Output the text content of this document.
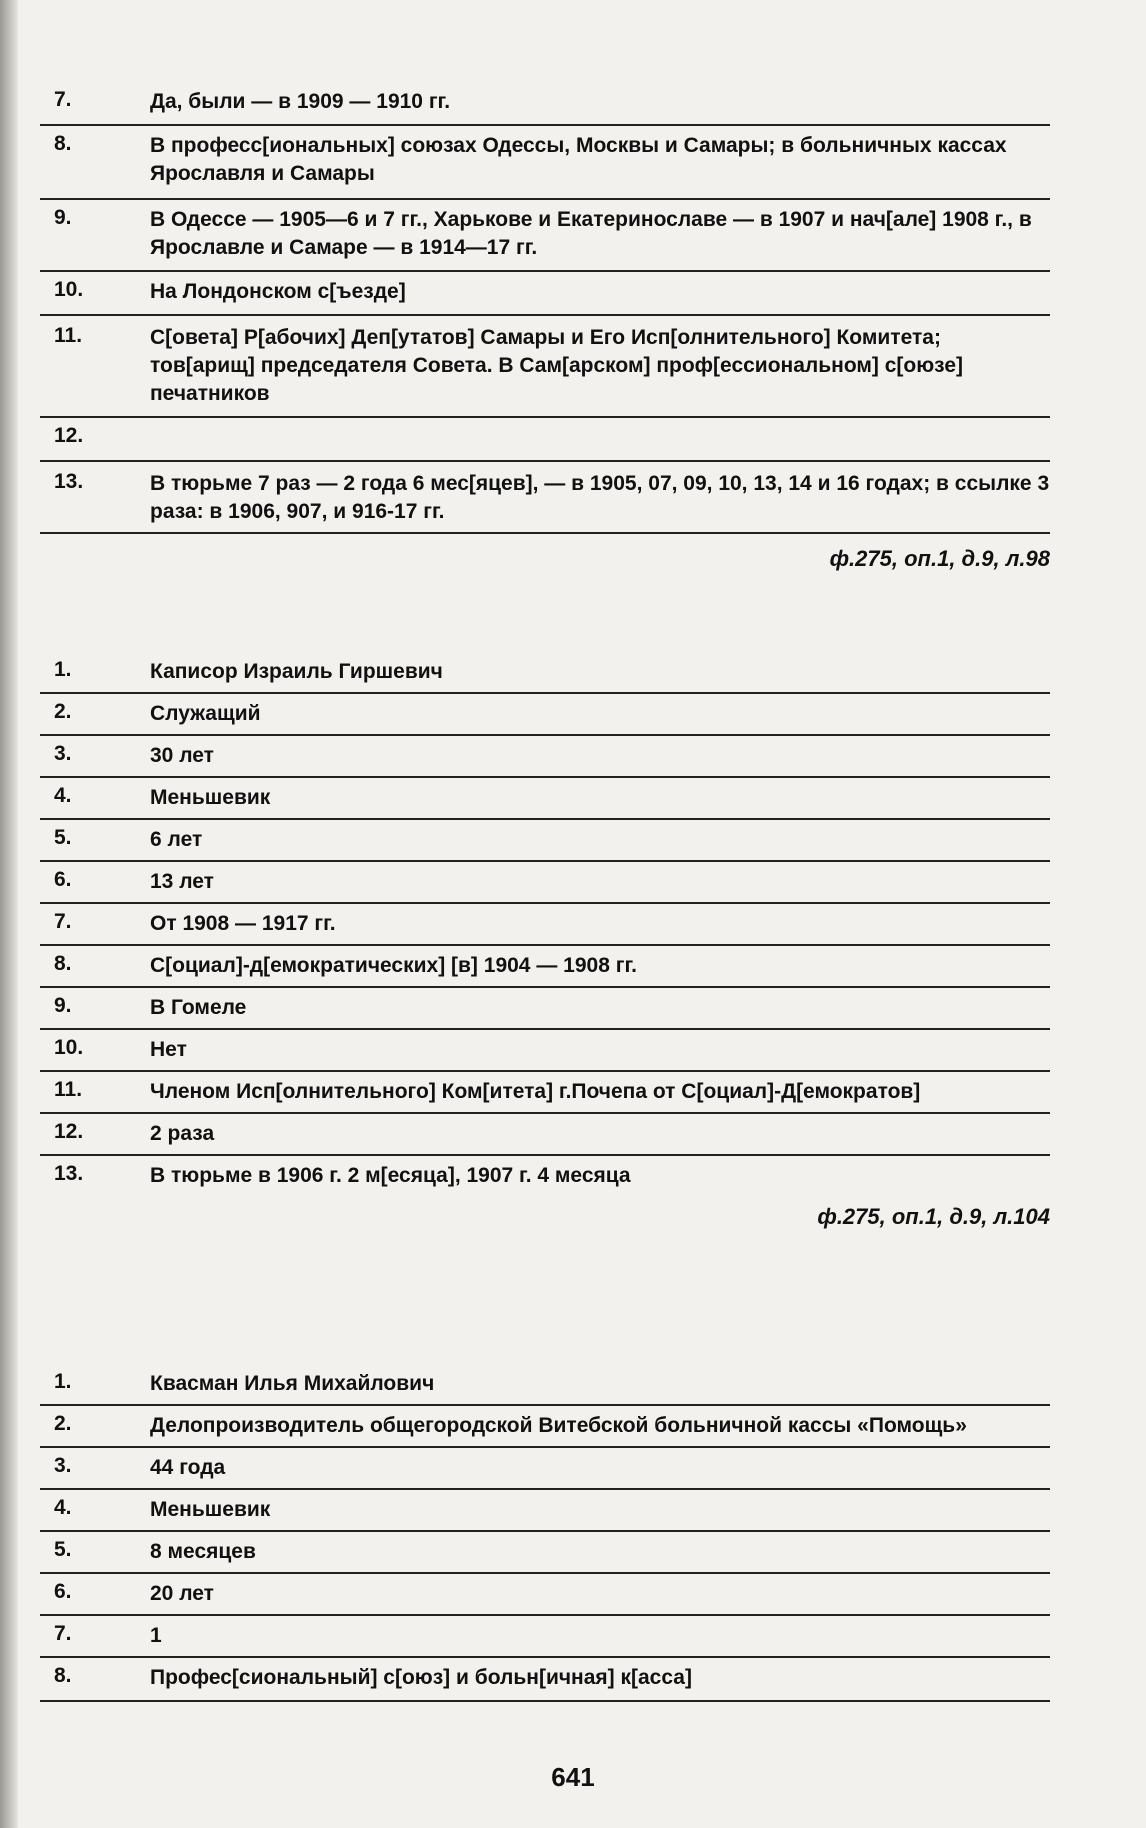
7.	Да, были — в 1909 — 1910 гг.
8.	В професс[иональных] союзах Одессы, Москвы и Самары; в больничных кассах Ярославля и Самары
9.	В Одессе — 1905—6 и 7 гг., Харькове и Екатеринославе — в 1907 и нач[але] 1908 г., в Ярославле и Самаре — в 1914—17 гг.
10.	На Лондонском с[ъезде]
11.	С[овета] Р[абочих] Деп[утатов] Самары и Его Исп[олнительного] Комитета; тов[арищ] председателя Совета. В Сам[арском] проф[ессиональном] с[оюзе] печатников
12.
13.	В тюрьме 7 раз — 2 года 6 мес[яцев], — в 1905, 07, 09, 10, 13, 14 и 16 годах; в ссылке 3 раза: в 1906, 907, и 916-17 гг.
ф.275, оп.1, д.9, л.98
1.	Каписор Израиль Гиршевич
2.	Служащий
3.	30 лет
4.	Меньшевик
5.	6 лет
6.	13 лет
7.	От 1908 — 1917 гг.
8.	С[оциал]-д[емократических] [в] 1904 — 1908 гг.
9.	В Гомеле
10.	Нет
11.	Членом Исп[олнительного] Ком[итета] г.Почепа от С[оциал]-Д[емократов]
12.	2 раза
13.	В тюрьме в 1906 г. 2 м[есяца], 1907 г. 4 месяца
ф.275, оп.1, д.9, л.104
1.	Квасман Илья Михайлович
2.	Делопроизводитель общегородской Витебской больничной кассы «Помощь»
3.	44 года
4.	Меньшевик
5.	8 месяцев
6.	20 лет
7.	1
8.	Профес[сиональный] с[оюз] и больн[ичная] к[асса]
641
